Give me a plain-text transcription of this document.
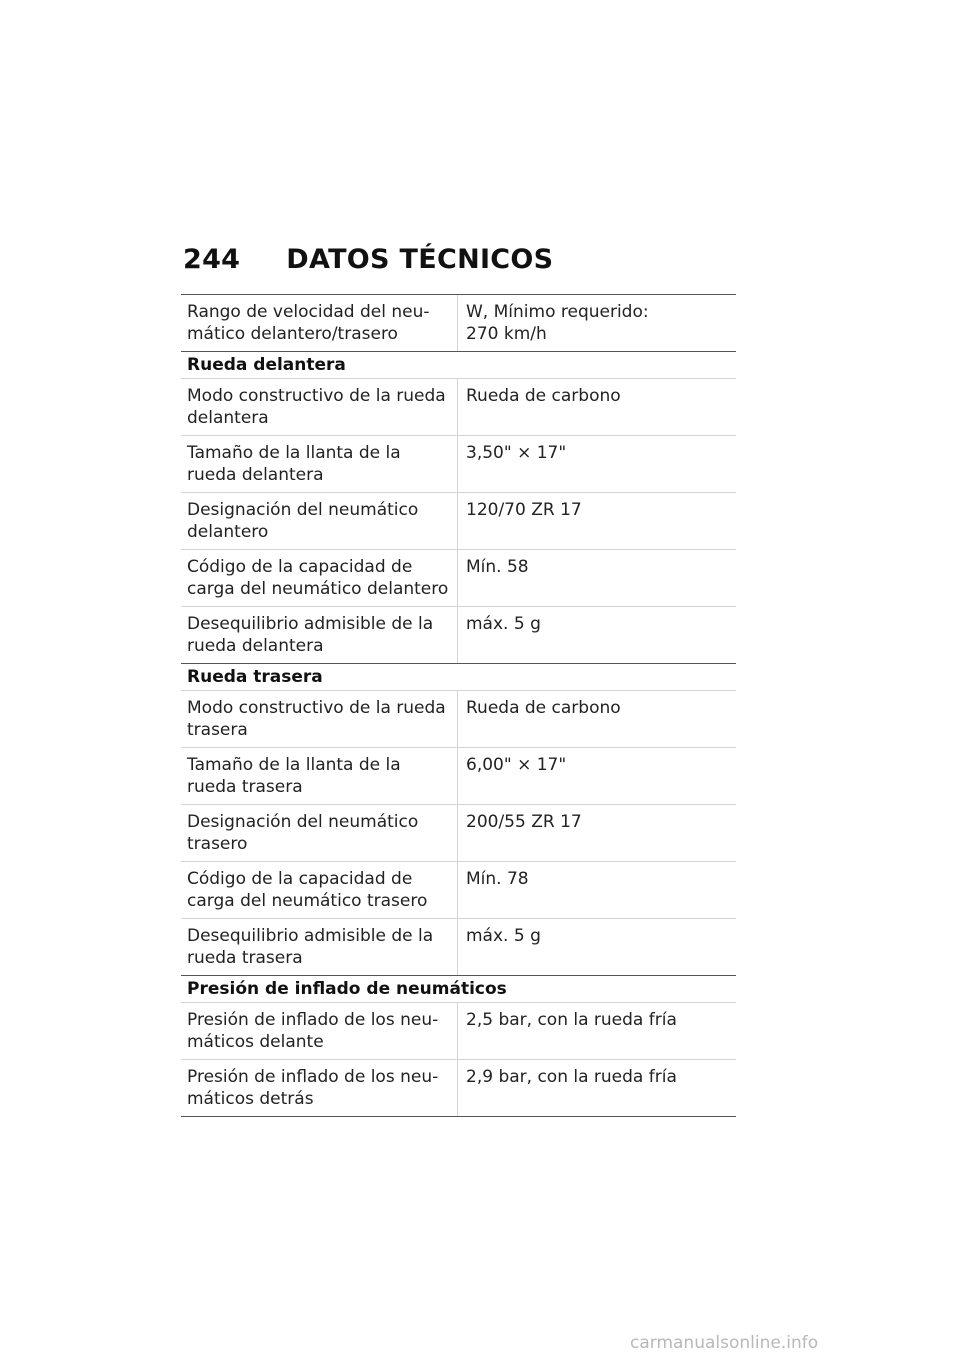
244 DATOS TÉCNICOS
Rango de velocidad del neu-
mático delantero/trasero
W, Mínimo requerido:
270 km/h
Rueda delantera
Modo constructivo de la rueda
delantera
Rueda de carbono
Tamaño de la llanta de la
rueda delantera
3,50" × 17"
Designación del neumático
delantero
120/70 ZR 17
Código de la capacidad de
carga del neumático delantero
Mín. 58
Desequilibrio admisible de la
rueda delantera
máx. 5 g
Rueda trasera
Modo constructivo de la rueda
trasera
Rueda de carbono
Tamaño de la llanta de la
rueda trasera
6,00" × 17"
Designación del neumático
trasero
200/55 ZR 17
Código de la capacidad de
carga del neumático trasero
Mín. 78
Desequilibrio admisible de la
rueda trasera
máx. 5 g
Presión de inflado de neumáticos
Presión de inflado de los neu-
máticos delante
2,5 bar, con la rueda fría
Presión de inflado de los neu-
máticos detrás
2,9 bar, con la rueda fría
carmanualsonline.info
